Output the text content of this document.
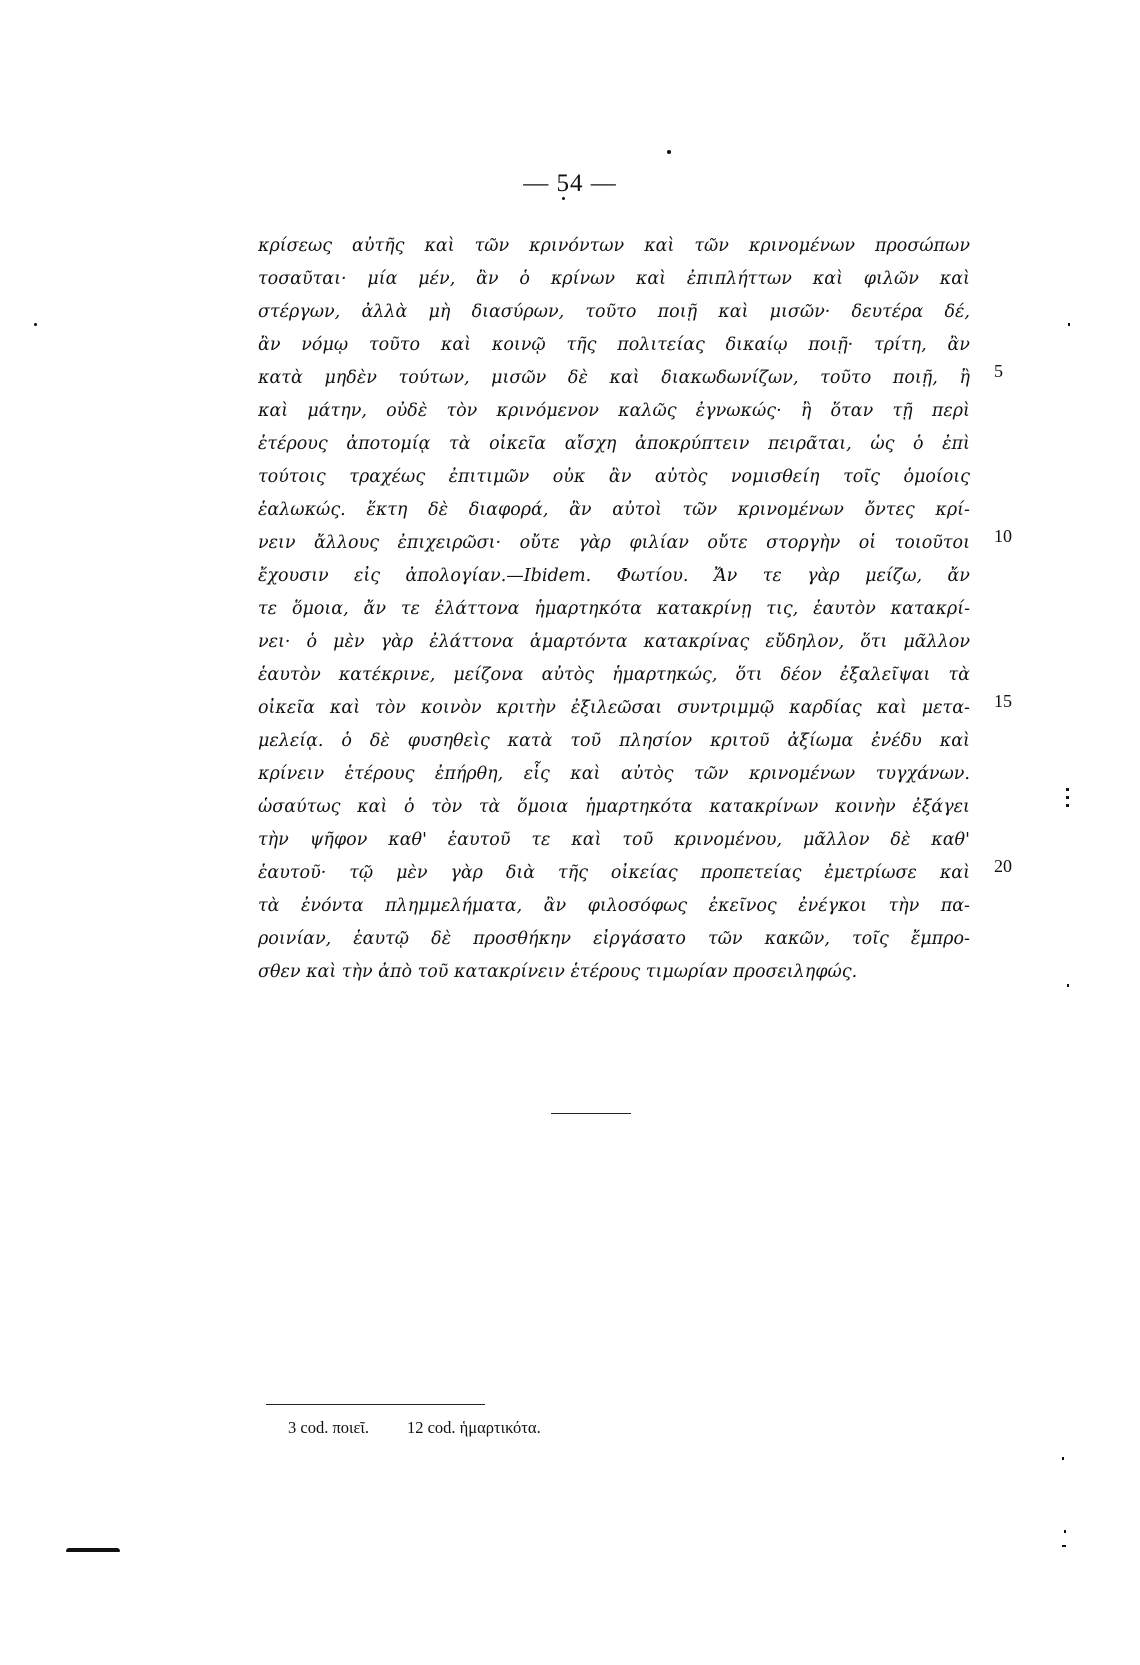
— 54 —
κρίσεως αὐτῆς καὶ τῶν κρινόντων καὶ τῶν κρινομένων προσώπων
τοσαῦται· μία μέν, ἂν ὁ κρίνων καὶ ἐπιπλήττων καὶ φιλῶν καὶ
στέργων, ἀλλὰ μὴ διασύρων, τοῦτο ποιῇ καὶ μισῶν· δευτέρα δέ,
ἂν νόμῳ τοῦτο καὶ κοινῷ τῆς πολιτείας δικαίῳ ποιῇ· τρίτη, ἂν
κατὰ μηδὲν τούτων, μισῶν δὲ καὶ διακωδωνίζων, τοῦτο ποιῇ, ἢ
καὶ μάτην, οὐδὲ τὸν κρινόμενον καλῶς ἐγνωκώς· ἢ ὅταν τῇ περὶ
ἑτέρους ἀποτομίᾳ τὰ οἰκεῖα αἴσχη ἀποκρύπτειν πειρᾶται, ὡς ὁ ἐπὶ
τούτοις τραχέως ἐπιτιμῶν οὐκ ἂν αὐτὸς νομισθείη τοῖς ὁμοίοις
ἑαλωκώς. ἕκτη δὲ διαφορά, ἂν αὐτοὶ τῶν κρινομένων ὄντες κρί-
νειν ἄλλους ἐπιχειρῶσι· οὔτε γὰρ φιλίαν οὔτε στοργὴν οἱ τοιοῦτοι
ἔχουσιν εἰς ἀπολογίαν.—Ibidem. Φωτίου. Ἄν τε γὰρ μείζω, ἄν
τε ὅμοια, ἄν τε ἐλάττονα ἡμαρτηκότα κατακρίνῃ τις, ἑαυτὸν κατακρί-
νει· ὁ μὲν γὰρ ἐλάττονα ἁμαρτόντα κατακρίνας εὔδηλον, ὅτι μᾶλλον
ἑαυτὸν κατέκρινε, μείζονα αὐτὸς ἡμαρτηκώς, ὅτι δέον ἐξαλεῖψαι τὰ
οἰκεῖα καὶ τὸν κοινὸν κριτὴν ἐξιλεῶσαι συντριμμῷ καρδίας καὶ μετα-
μελείᾳ. ὁ δὲ φυσηθεὶς κατὰ τοῦ πλησίον κριτοῦ ἀξίωμα ἐνέδυ καὶ
κρίνειν ἑτέρους ἐπήρθη, εἷς καὶ αὐτὸς τῶν κρινομένων τυγχάνων.
ὡσαύτως καὶ ὁ τὸν τὰ ὅμοια ἡμαρτηκότα κατακρίνων κοινὴν ἐξάγει
τὴν ψῆφον καθ' ἑαυτοῦ τε καὶ τοῦ κρινομένου, μᾶλλον δὲ καθ'
ἑαυτοῦ· τῷ μὲν γὰρ διὰ τῆς οἰκείας προπετείας ἐμετρίωσε καὶ
τὰ ἐνόντα πλημμελήματα, ἂν φιλοσόφως ἐκεῖνος ἐνέγκοι τὴν πα-
ροινίαν, ἑαυτῷ δὲ προσθήκην εἰργάσατο τῶν κακῶν, τοῖς ἔμπρο-
σθεν καὶ τὴν ἀπὸ τοῦ κατακρίνειν ἑτέρους τιμωρίαν προσειληφώς.
5
10
15
20
3 cod. ποιεῖ. 12 cod. ἡμαρτικότα.
